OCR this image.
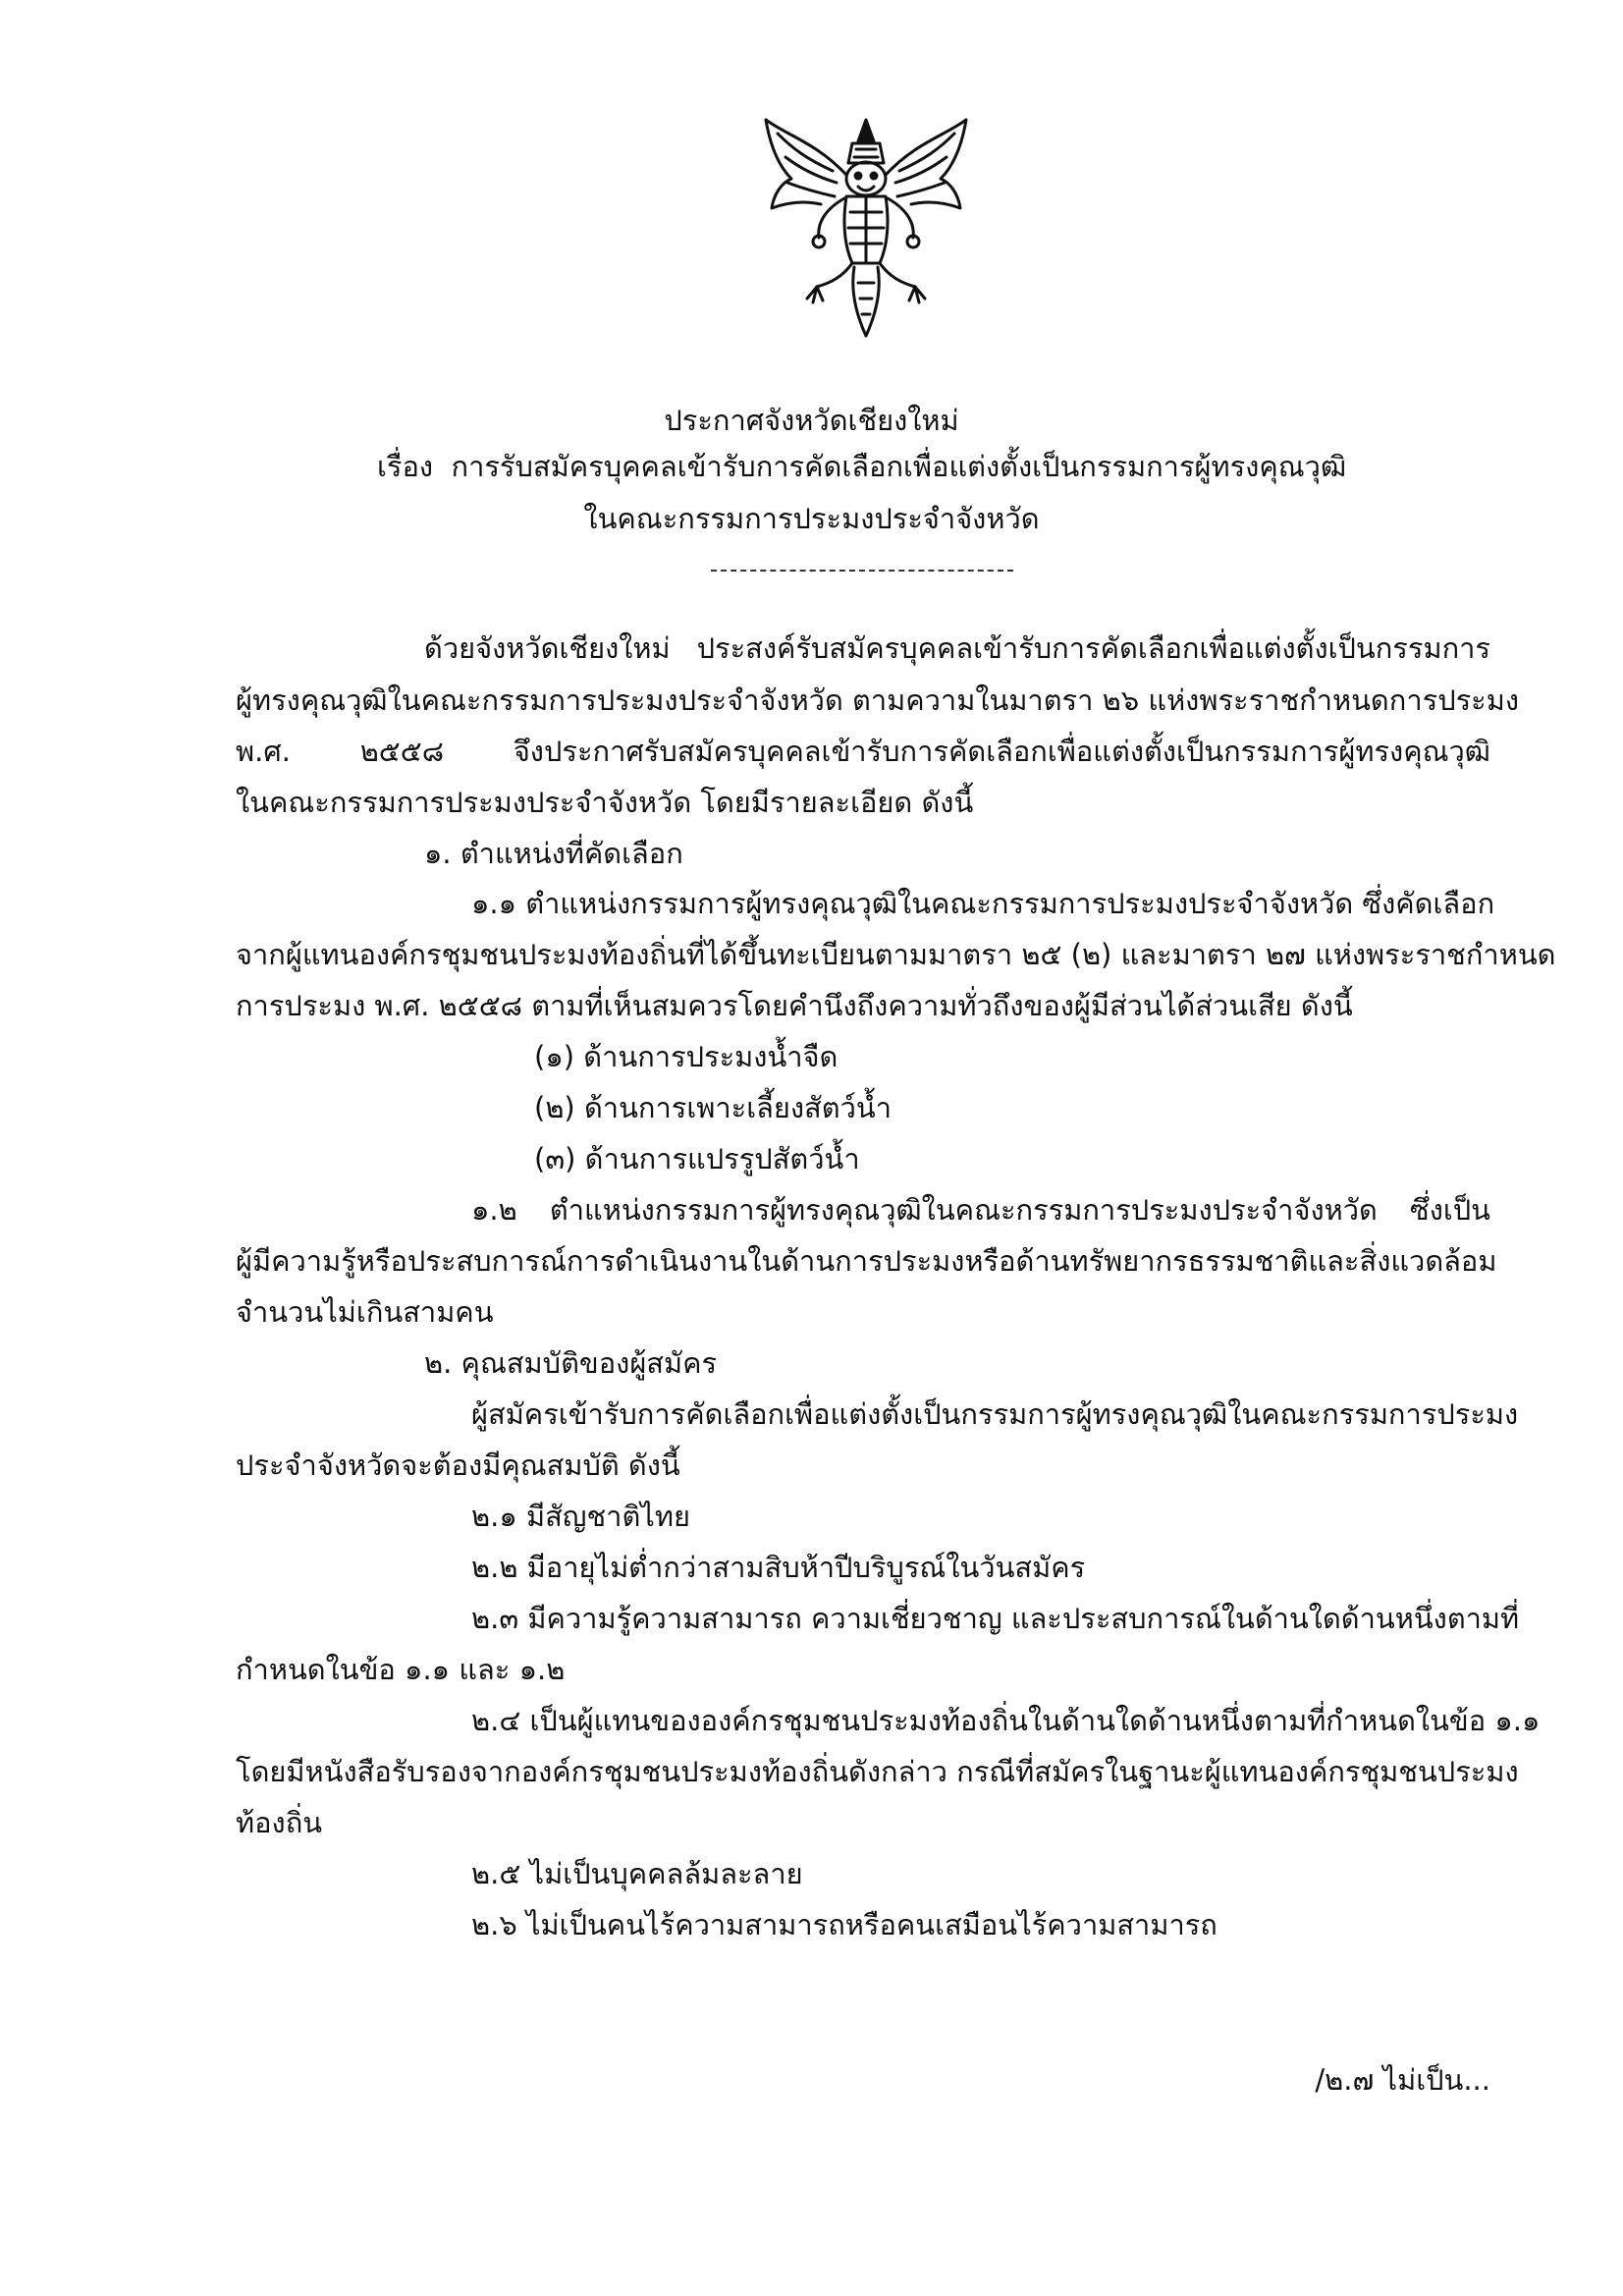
ประกาศจังหวัดเชียงใหม่
เรื่อง การรับสมัครบุคคลเข้ารับการคัดเลือกเพื่อแต่งตั้งเป็นกรรมการผู้ทรงคุณวุฒิ
ในคณะกรรมการประมงประจำจังหวัด
ด้วยจังหวัดเชียงใหม่ ประสงค์รับสมัครบุคคลเข้ารับการคัดเลือกเพื่อแต่งตั้งเป็นกรรมการ
ผู้ทรงคุณวุฒิในคณะกรรมการประมงประจำจังหวัด ตามความในมาตรา ๒๖ แห่งพระราชกำหนดการประมง
พ.ศ. ๒๕๕๘ จึงประกาศรับสมัครบุคคลเข้ารับการคัดเลือกเพื่อแต่งตั้งเป็นกรรมการผู้ทรงคุณวุฒิ
ในคณะกรรมการประมงประจำจังหวัด โดยมีรายละเอียด ดังนี้
๑. ตำแหน่งที่คัดเลือก
๑.๑ ตำแหน่งกรรมการผู้ทรงคุณวุฒิในคณะกรรมการประมงประจำจังหวัด ซึ่งคัดเลือก
จากผู้แทนองค์กรชุมชนประมงท้องถิ่นที่ได้ขึ้นทะเบียนตามมาตรา ๒๕ (๒) และมาตรา ๒๗ แห่งพระราชกำหนด
การประมง พ.ศ. ๒๕๕๘ ตามที่เห็นสมควรโดยคำนึงถึงความทั่วถึงของผู้มีส่วนได้ส่วนเสีย ดังนี้
(๑) ด้านการประมงน้ำจืด
(๒) ด้านการเพาะเลี้ยงสัตว์น้ำ
(๓) ด้านการแปรรูปสัตว์น้ำ
๑.๒ ตำแหน่งกรรมการผู้ทรงคุณวุฒิในคณะกรรมการประมงประจำจังหวัด ซึ่งเป็น
ผู้มีความรู้หรือประสบการณ์การดำเนินงานในด้านการประมงหรือด้านทรัพยากรธรรมชาติและสิ่งแวดล้อม
จำนวนไม่เกินสามคน
๒. คุณสมบัติของผู้สมัคร
ผู้สมัครเข้ารับการคัดเลือกเพื่อแต่งตั้งเป็นกรรมการผู้ทรงคุณวุฒิในคณะกรรมการประมง
ประจำจังหวัดจะต้องมีคุณสมบัติ ดังนี้
๒.๑ มีสัญชาติไทย
๒.๒ มีอายุไม่ต่ำกว่าสามสิบห้าปีบริบูรณ์ในวันสมัคร
๒.๓ มีความรู้ความสามารถ ความเชี่ยวชาญ และประสบการณ์ในด้านใดด้านหนึ่งตามที่
กำหนดในข้อ ๑.๑ และ ๑.๒
๒.๔ เป็นผู้แทนขององค์กรชุมชนประมงท้องถิ่นในด้านใดด้านหนึ่งตามที่กำหนดในข้อ ๑.๑
โดยมีหนังสือรับรองจากองค์กรชุมชนประมงท้องถิ่นดังกล่าว กรณีที่สมัครในฐานะผู้แทนองค์กรชุมชนประมง
ท้องถิ่น
๒.๕ ไม่เป็นบุคคลล้มละลาย
๒.๖ ไม่เป็นคนไร้ความสามารถหรือคนเสมือนไร้ความสามารถ
/๒.๗ ไม่เป็น...
